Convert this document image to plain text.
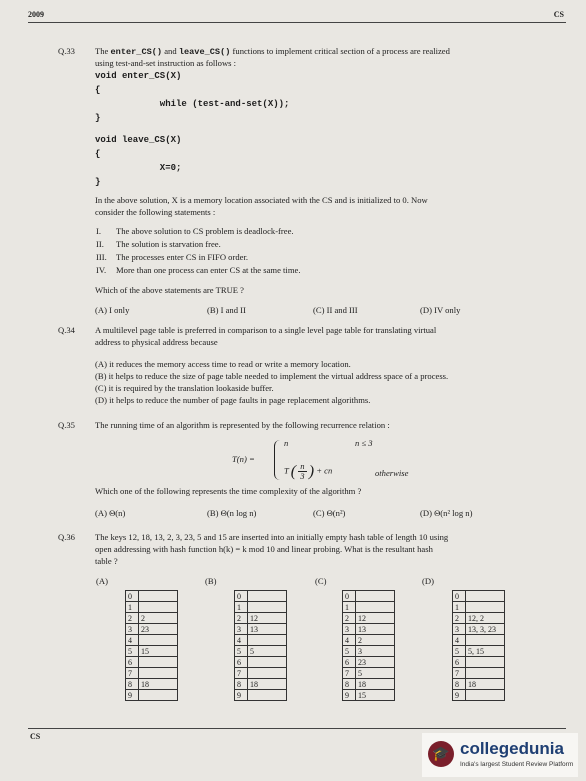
2009	CS
Q.33 The enter_CS() and leave_CS() functions to implement critical section of a process are realized
using test-and-set instruction as follows :
void enter_CS(X)
{
while (test-and-set(X));
}
void leave_CS(X)
{
X=0;
}
In the above solution, X is a memory location associated with the CS and is initialized to 0. Now
consider the following statements :
I. The above solution to CS problem is deadlock-free.
II. The solution is starvation free.
III. The processes enter CS in FIFO order.
IV. More than one process can enter CS at the same time.
Which of the above statements are TRUE ?
(A) I only	(B) I and II	(C) II and III	(D) IV only
Q.34 A multilevel page table is preferred in comparison to a single level page table for translating virtual
address to physical address because
(A) it reduces the memory access time to read or write a memory location.
(B) it helps to reduce the size of page table needed to implement the virtual address space of a process.
(C) it is required by the translation lookaside buffer.
(D) it helps to reduce the number of page faults in page replacement algorithms.
Q.35 The running time of an algorithm is represented by the following recurrence relation :
T(n) =
n	n ≤ 3
T ( $\frac{n}{3}$ ) + cn	otherwise
Which one of the following represents the time complexity of the algorithm ?
(A) Θ(n)	(B) Θ(n log n)	(C) Θ(n²)	(D) Θ(n² log n)
Q.36 The keys 12, 18, 13, 2, 3, 23, 5 and 15 are inserted into an initially empty hash table of length 10 using
open addressing with hash function h(k) = k mod 10 and linear probing. What is the resultant hash
table ?
(A)	(B)	(C)	(D)
0	
1	
2	2
3	23
4	
5	15
6	
7	
8	18
9	
0	
1	
2	12
3	13
4	
5	5
6	
7	
8	18
9	
0	
1	
2	12
3	13
4	2
5	3
6	23
7	5
8	18
9	15
0	
1	
2	12, 2
3	13, 3, 23
4	
5	5, 15
6	
7	
8	18
9	
CS
🎓 collegedunia
India's largest Student Review Platform
